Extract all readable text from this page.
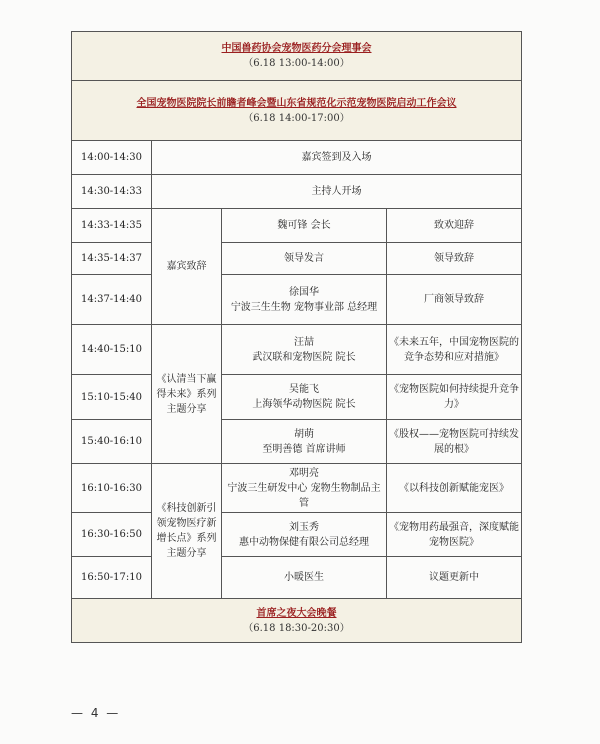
中国兽药协会宠物医药分会理事会
（6.18 13:00-14:00）			

全国宠物医院院长前瞻者峰会暨山东省规范化示范宠物医院启动工作会议
（6.18 14:00-17:00）			

14:00-14:30	嘉宾签到及入场		
14:30-14:33	主持人开场		
14:33-14:35	嘉宾致辞	魏可锋 会长	致欢迎辞
14:35-14:37		领导发言	领导致辞
14:37-14:40		徐国华
宁波三生生物 宠物事业部 总经理	厂商领导致辞
14:40-15:10	《认清当下赢得未来》系列主题分享	汪喆
武汉联和宠物医院 院长	《未来五年，中国宠物医院的竞争态势和应对措施》
15:10-15:40		吴能飞
上海领华动物医院 院长	《宠物医院如何持续提升竞争力》
15:40-16:10		胡萌
至明善德 首席讲师	《股权——宠物医院可持续发展的根》
16:10-16:30	《科技创新引领宠物医疗新增长点》系列主题分享	邓明亮
宁波三生研发中心 宠物生物制品主管	《以科技创新赋能宠医》
16:30-16:50		刘玉秀
惠中动物保健有限公司总经理	《宠物用药最强音，深度赋能宠物医院》
16:50-17:10		小暖医生	议题更新中

首席之夜大会晚餐
（6.18 18:30-20:30）			
— 4 —
